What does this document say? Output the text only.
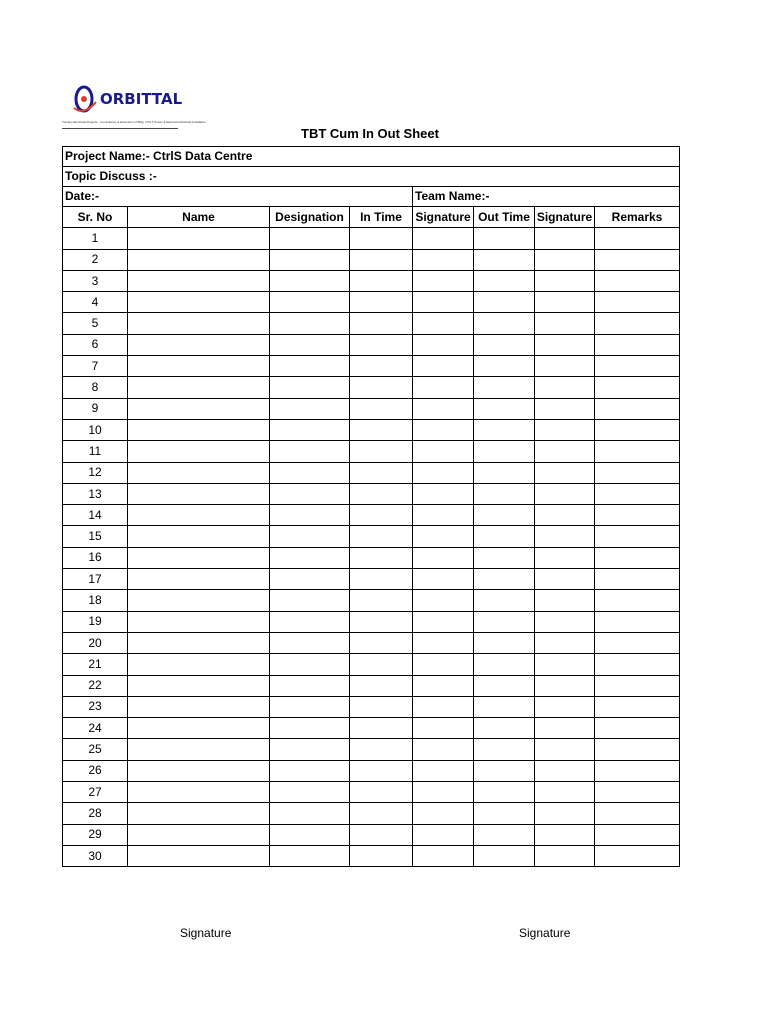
ORBITTAL
Turnkey Electrical Projects · Consultancy & Execution of Bldg. HT/LT Power & Electromechanical Installation
TBT Cum In Out Sheet
Project Name:- CtrlS Data Centre							
Topic Discuss :-							
Date:-				Team Name:-			
Sr. No	Name	Designation	In Time	Signature	Out Time	Signature	Remarks
1							
2							
3							
4							
5							
6							
7							
8							
9							
10							
11							
12							
13							
14							
15							
16							
17							
18							
19							
20							
21							
22							
23							
24							
25							
26							
27							
28							
29							
30							
Signature	Signature
